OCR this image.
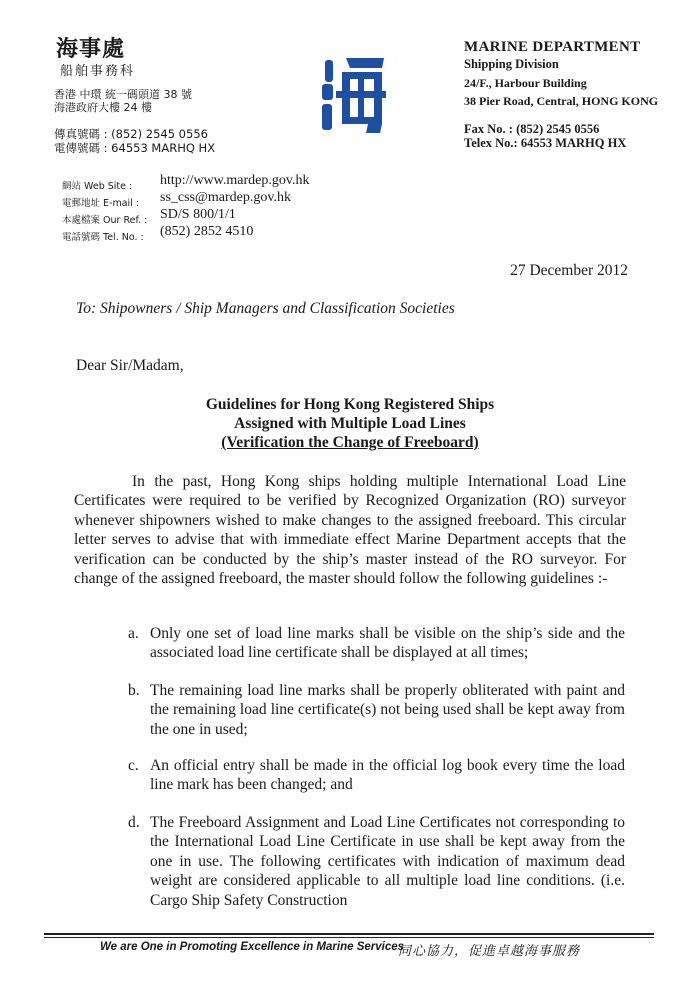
海事處
船舶事務科
香港 中環 統一碼頭道 38 號
海港政府大樓 24 樓
傳真號碼 : (852) 2545 0556
電傳號碼 : 64553 MARHQ HX
MARINE DEPARTMENT
Shipping Division
24/F., Harbour Building
38 Pier Road, Central, HONG KONG
Fax No. : (852) 2545 0556
Telex No.: 64553 MARHQ HX
網站 Web Site : http://www.mardep.gov.hk
電郵地址 E-mail : ss_css@mardep.gov.hk
本處檔案 Our Ref. : SD/S 800/1/1
電話號碼 Tel. No. : (852) 2852 4510
27 December 2012
To: Shipowners / Ship Managers and Classification Societies
Dear Sir/Madam,
Guidelines for Hong Kong Registered Ships
Assigned with Multiple Load Lines
(Verification the Change of Freeboard)

In the past, Hong Kong ships holding multiple International Load Line Certificates were required to be verified by Recognized Organization (RO) surveyor whenever shipowners wished to make changes to the assigned freeboard. This circular letter serves to advise that with immediate effect Marine Department accepts that the verification can be conducted by the ship’s master instead of the RO surveyor. For change of the assigned freeboard, the master should follow the following guidelines :-

a. Only one set of load line marks shall be visible on the ship’s side and the associated load line certificate shall be displayed at all times;
b. The remaining load line marks shall be properly obliterated with paint and the remaining load line certificate(s) not being used shall be kept away from the one in used;
c. An official entry shall be made in the official log book every time the load line mark has been changed; and
d. The Freeboard Assignment and Load Line Certificates not corresponding to the International Load Line Certificate in use shall be kept away from the one in use. The following certificates with indication of maximum dead weight are considered applicable to all multiple load line conditions. (i.e. Cargo Ship Safety Construction
We are One in Promoting Excellence in Marine Services
同心協力，促進卓越海事服務
